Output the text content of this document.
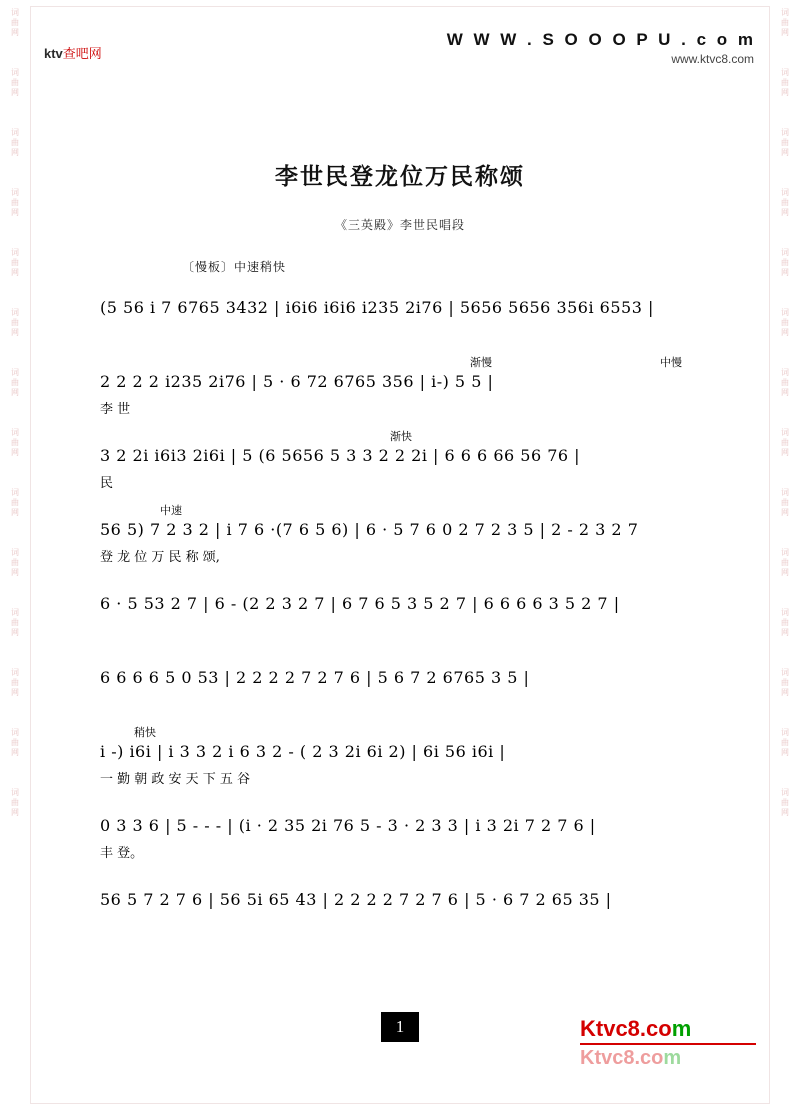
词
曲
网
词
曲
网
词
曲
网
词
曲
网
词
曲
网
词
曲
网
词
曲
网
词
曲
网
词
曲
网
词
曲
网
词
曲
网
词
曲
网
词
曲
网
词
曲
网
词
曲
网
词
曲
网
词
曲
网
词
曲
网
词
曲
网
词
曲
网
词
曲
网
词
曲
网
词
曲
网
词
曲
网
词
曲
网
词
曲
网
词
曲
网
词
曲
网
ktv查吧网
W W W . S O O O P U . c o m
www.ktvc8.com
李世民登龙位万民称颂
《三英殿》李世民唱段
〔慢板〕中速稍快
(5 56 i 7 6765 3432 | i6i6 i6i6 i235 2i76 | 5656 5656 356i 6553 |
渐慢	中慢
2 2 2 2 i235 2i76 | 5 · 6 72 6765 356 | i-) 5 5 |
李 世
渐快
3 2 2i i6i3 2i6i | 5 (6 5656 5 3 3 2 2 2i | 6 6 6 66 56 76 |
民
中速
56 5) 7 2 3 2 | i 7 6 ·(7 6 5 6) | 6 · 5 7 6 0 2 7 2 3 5 | 2 - 2 3 2 7
登 龙 位 万 民 称 颂,
6 · 5 53 2 7 | 6 - (2 2 3 2 7 | 6 7 6 5 3 5 2 7 | 6 6 6 6 3 5 2 7 |
6 6 6 6 5 0 53 | 2 2 2 2 7 2 7 6 | 5 6 7 2 6765 3 5 |
稍快
i -) i6i | i 3 3 2 i 6 3 2 - ( 2 3 2i 6i 2) | 6i 56 i6i |
一 勤 朝 政 安 天 下 五 谷
0 3 3 6 | 5 - - - | (i · 2 35 2i 76 5 - 3 · 2 3 3 | i 3 2i 7 2 7 6 |
丰 登。
56 5 7 2 7 6 | 56 5i 65 43 | 2 2 2 2 7 2 7 6 | 5 · 6 7 2 65 35 |
1	Ktvc8.com
Ktvc8.com
